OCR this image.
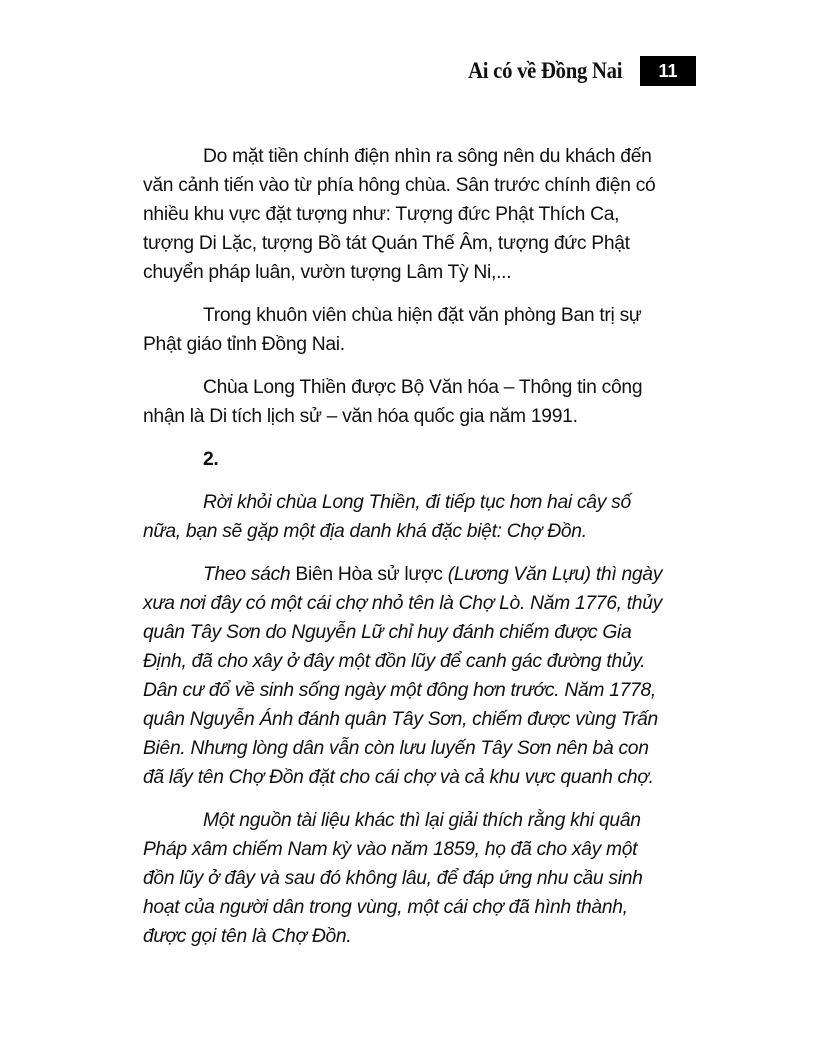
Ai có về Đồng Nai	11

Do mặt tiền chính điện nhìn ra sông nên du khách đến văn cảnh tiến vào từ phía hông chùa. Sân trước chính điện có nhiều khu vực đặt tượng như: Tượng đức Phật Thích Ca, tượng Di Lặc, tượng Bồ tát Quán Thế Âm, tượng đức Phật chuyển pháp luân, vườn tượng Lâm Tỳ Ni,...

Trong khuôn viên chùa hiện đặt văn phòng Ban trị sự Phật giáo tỉnh Đồng Nai.

Chùa Long Thiền được Bộ Văn hóa – Thông tin công nhận là Di tích lịch sử – văn hóa quốc gia năm 1991.

2.

Rời khỏi chùa Long Thiền, đi tiếp tục hơn hai cây số nữa, bạn sẽ gặp một địa danh khá đặc biệt: Chợ Đồn.

Theo sách Biên Hòa sử lược (Lương Văn Lựu) thì ngày xưa nơi đây có một cái chợ nhỏ tên là Chợ Lò. Năm 1776, thủy quân Tây Sơn do Nguyễn Lữ chỉ huy đánh chiếm được Gia Định, đã cho xây ở đây một đồn lũy để canh gác đường thủy. Dân cư đổ về sinh sống ngày một đông hơn trước. Năm 1778, quân Nguyễn Ánh đánh quân Tây Sơn, chiếm được vùng Trấn Biên. Nhưng lòng dân vẫn còn lưu luyến Tây Sơn nên bà con đã lấy tên Chợ Đồn đặt cho cái chợ và cả khu vực quanh chợ.

Một nguồn tài liệu khác thì lại giải thích rằng khi quân Pháp xâm chiếm Nam kỳ vào năm 1859, họ đã cho xây một đồn lũy ở đây và sau đó không lâu, để đáp ứng nhu cầu sinh hoạt của người dân trong vùng, một cái chợ đã hình thành, được gọi tên là Chợ Đồn.
